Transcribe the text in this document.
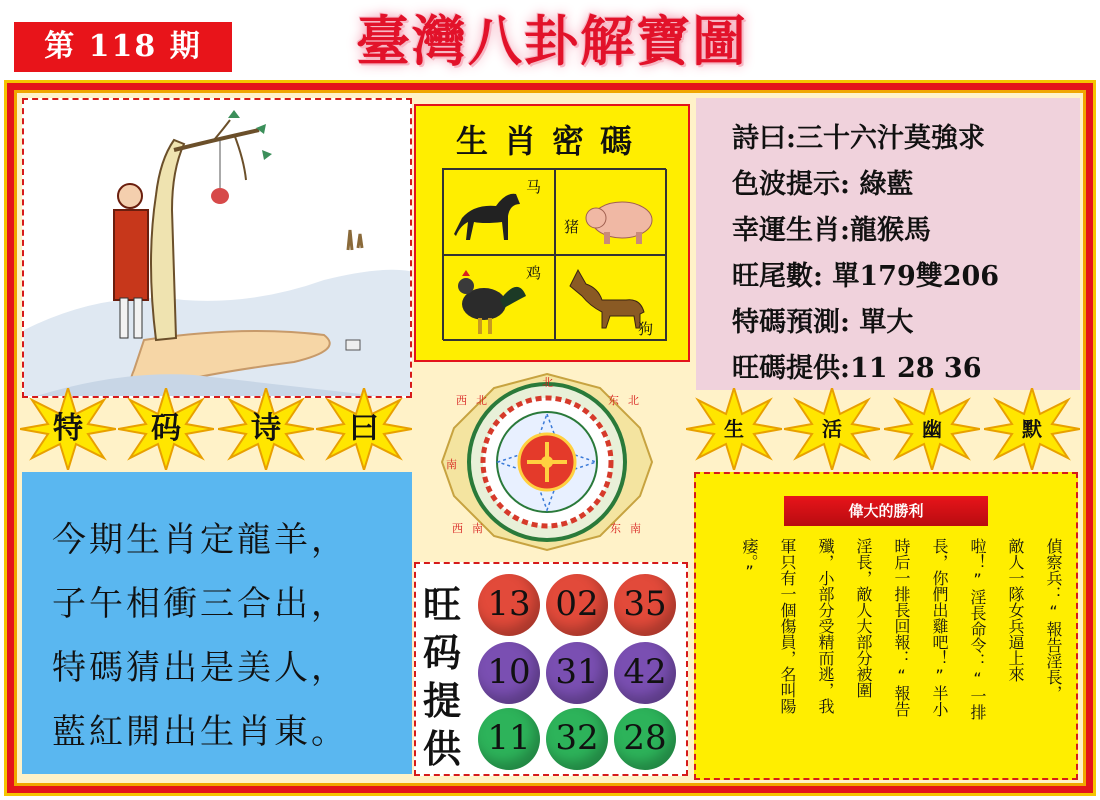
第 118 期	臺灣八卦解寶圖
生肖密碼
马
猪
鸡
狗
詩曰:三十六汁莫強求
色波提示: 綠藍
幸運生肖:龍猴馬
旺尾數: 單179雙206
特碼預測: 單大
旺碼提供:11 28 36
特	码	诗	曰	生	活	幽	默
西 北	东 北
西 南	东 南
北
南
今期生肖定龍羊，
子午相衝三合出，
特碼猜出是美人，
藍紅開出生肖東。
旺
码
提
供
13 02 35
10 31 42
11 32 28
偉大的勝利
偵察兵：“報告淫長，
敵人一隊女兵逼上來
啦！”淫長命令：“一排
長，你們出雞吧！”半小
時后一排長回報：“報告
淫長，敵人大部分被圍
殲，小部分受精而逃，我
軍只有一個傷員，名叫陽
痿。”
